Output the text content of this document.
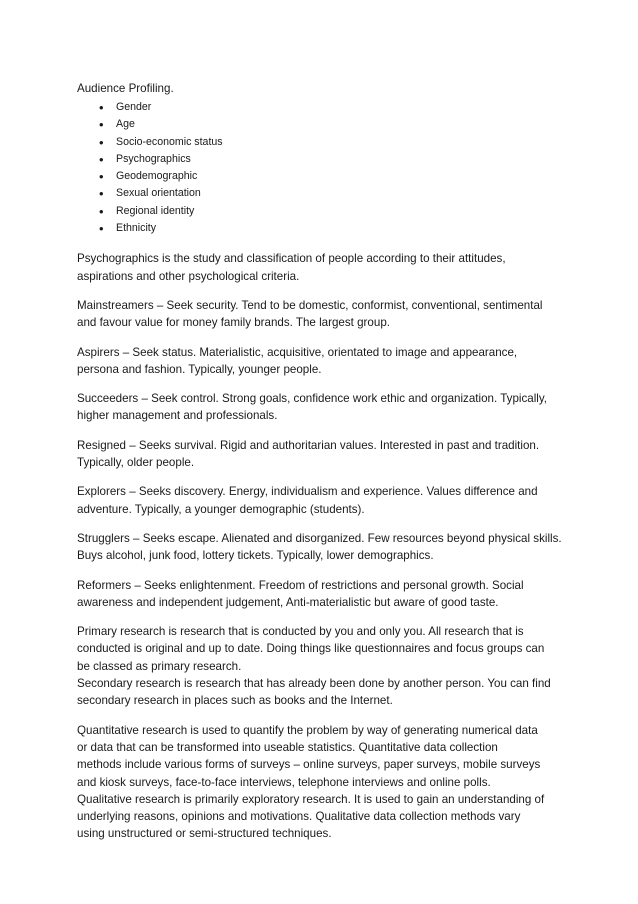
Audience Profiling.

• Gender
• Age
• Socio-economic status
• Psychographics
• Geodemographic
• Sexual orientation
• Regional identity
• Ethnicity

Psychographics is the study and classification of people according to their attitudes,
aspirations and other psychological criteria.

Mainstreamers – Seek security. Tend to be domestic, conformist, conventional, sentimental
and favour value for money family brands. The largest group.

Aspirers – Seek status. Materialistic, acquisitive, orientated to image and appearance,
persona and fashion. Typically, younger people.

Succeeders – Seek control. Strong goals, confidence work ethic and organization. Typically,
higher management and professionals.

Resigned – Seeks survival. Rigid and authoritarian values. Interested in past and tradition.
Typically, older people.

Explorers – Seeks discovery. Energy, individualism and experience. Values difference and
adventure. Typically, a younger demographic (students).

Strugglers – Seeks escape. Alienated and disorganized. Few resources beyond physical skills.
Buys alcohol, junk food, lottery tickets. Typically, lower demographics.

Reformers – Seeks enlightenment. Freedom of restrictions and personal growth. Social
awareness and independent judgement, Anti-materialistic but aware of good taste.

Primary research is research that is conducted by you and only you. All research that is
conducted is original and up to date. Doing things like questionnaires and focus groups can
be classed as primary research.
Secondary research is research that has already been done by another person. You can find
secondary research in places such as books and the Internet.

Quantitative research is used to quantify the problem by way of generating numerical data
or data that can be transformed into useable statistics. Quantitative data collection
methods include various forms of surveys – online surveys, paper surveys, mobile surveys
and kiosk surveys, face-to-face interviews, telephone interviews and online polls.
Qualitative research is primarily exploratory research. It is used to gain an understanding of
underlying reasons, opinions and motivations. Qualitative data collection methods vary
using unstructured or semi-structured techniques.
